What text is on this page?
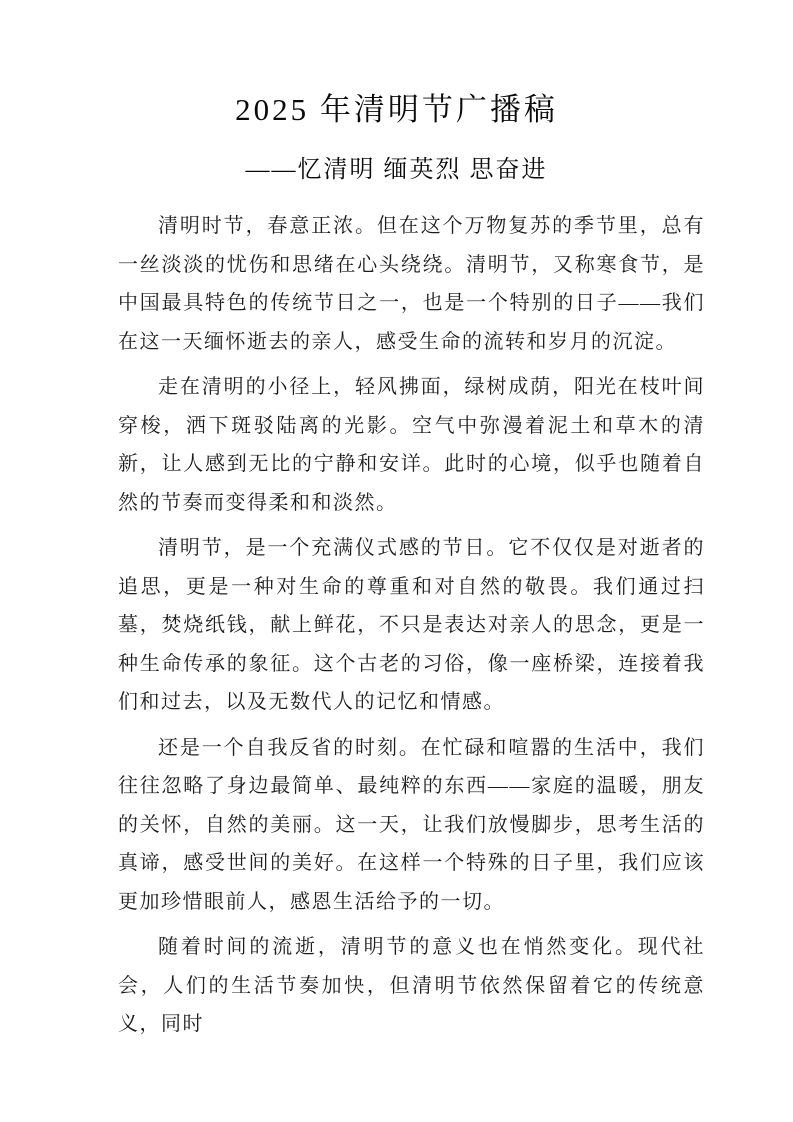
2025 年清明节广播稿
——忆清明 缅英烈 思奋进

清明时节，春意正浓。但在这个万物复苏的季节里，总有一丝淡淡的忧伤和思绪在心头绕绕。清明节，又称寒食节，是中国最具特色的传统节日之一，也是一个特别的日子——我们在这一天缅怀逝去的亲人，感受生命的流转和岁月的沉淀。

走在清明的小径上，轻风拂面，绿树成荫，阳光在枝叶间穿梭，洒下斑驳陆离的光影。空气中弥漫着泥土和草木的清新，让人感到无比的宁静和安详。此时的心境，似乎也随着自然的节奏而变得柔和和淡然。

清明节，是一个充满仪式感的节日。它不仅仅是对逝者的追思，更是一种对生命的尊重和对自然的敬畏。我们通过扫墓，焚烧纸钱，献上鲜花，不只是表达对亲人的思念，更是一种生命传承的象征。这个古老的习俗，像一座桥梁，连接着我们和过去，以及无数代人的记忆和情感。

还是一个自我反省的时刻。在忙碌和喧嚣的生活中，我们往往忽略了身边最简单、最纯粹的东西——家庭的温暖，朋友的关怀，自然的美丽。这一天，让我们放慢脚步，思考生活的真谛，感受世间的美好。在这样一个特殊的日子里，我们应该更加珍惜眼前人，感恩生活给予的一切。

随着时间的流逝，清明节的意义也在悄然变化。现代社会，人们的生活节奏加快，但清明节依然保留着它的传统意义，同时
